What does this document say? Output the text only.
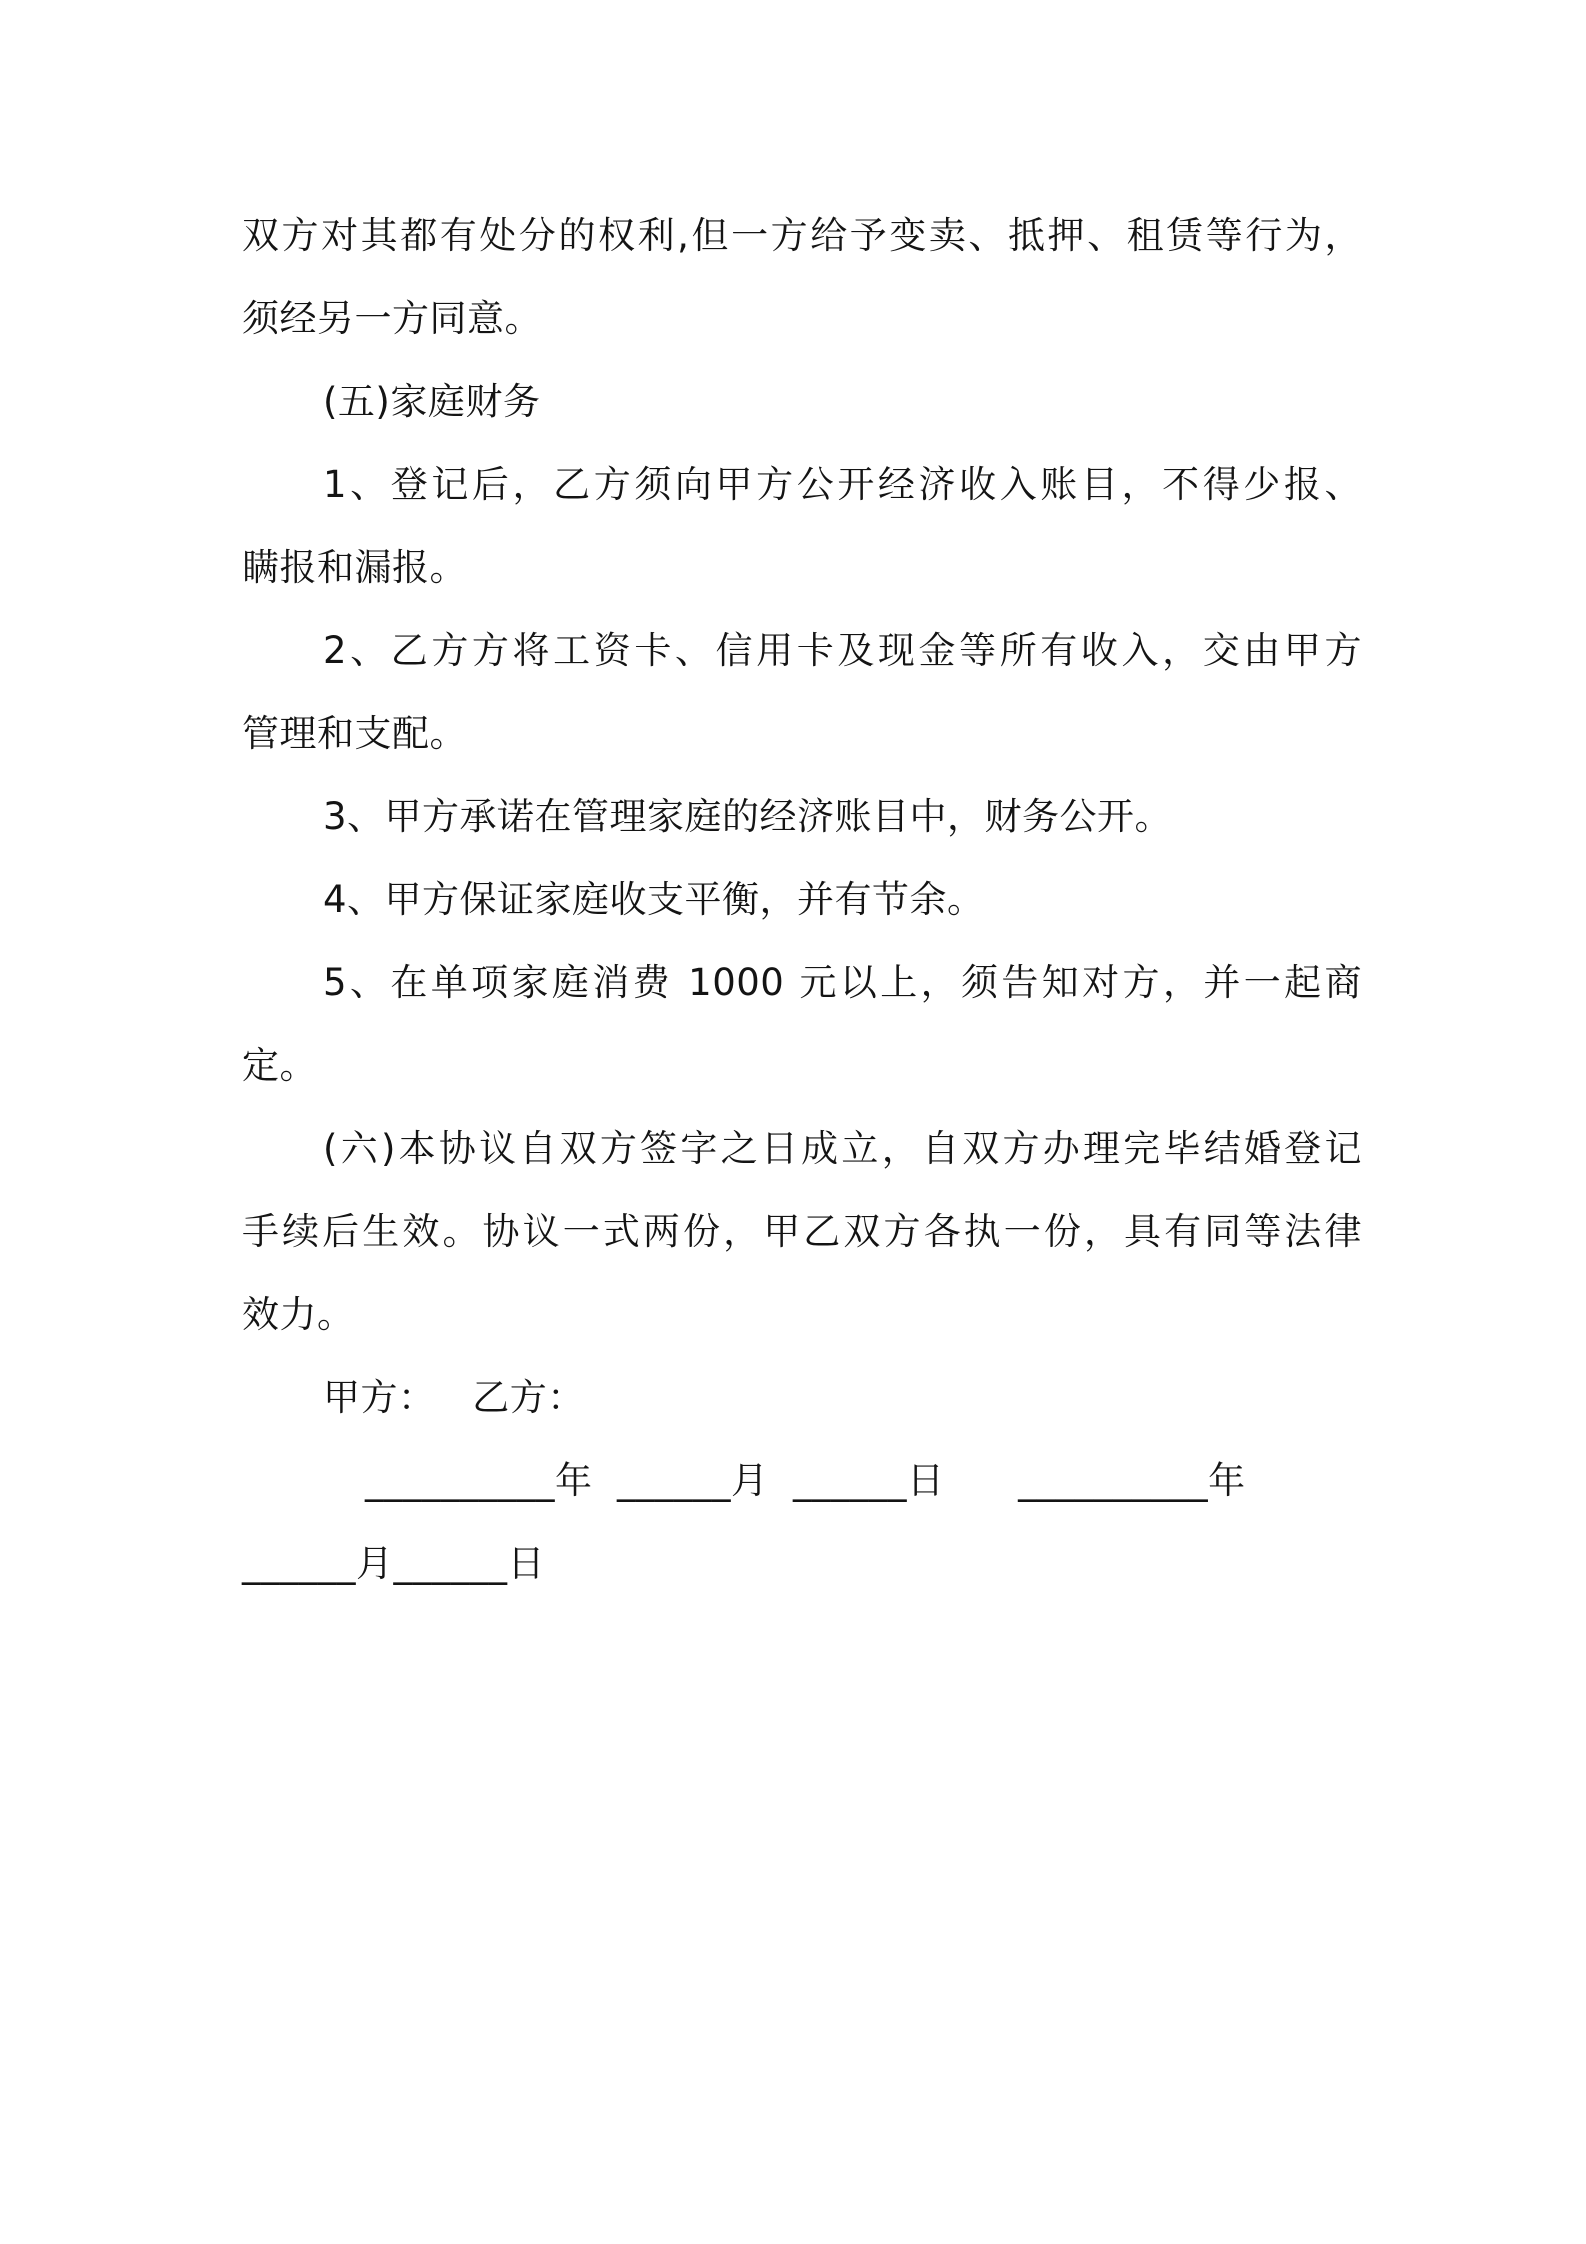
双方对其都有处分的权利,但一方给予变卖、抵押、租赁等行为，
须经另一方同意。
(五)家庭财务
1、登记后，乙方须向甲方公开经济收入账目，不得少报、
瞒报和漏报。
2、乙方方将工资卡、信用卡及现金等所有收入，交由甲方
管理和支配。
3、甲方承诺在管理家庭的经济账目中，财务公开。
4、甲方保证家庭收支平衡，并有节余。
5、在单项家庭消费 1000 元以上，须告知对方，并一起商
定。
(六)本协议自双方签字之日成立，自双方办理完毕结婚登记
手续后生效。协议一式两份，甲乙双方各执一份，具有同等法律
效力。
甲方：   乙方：
__________年  ______月  ______日      __________年
______月______日
